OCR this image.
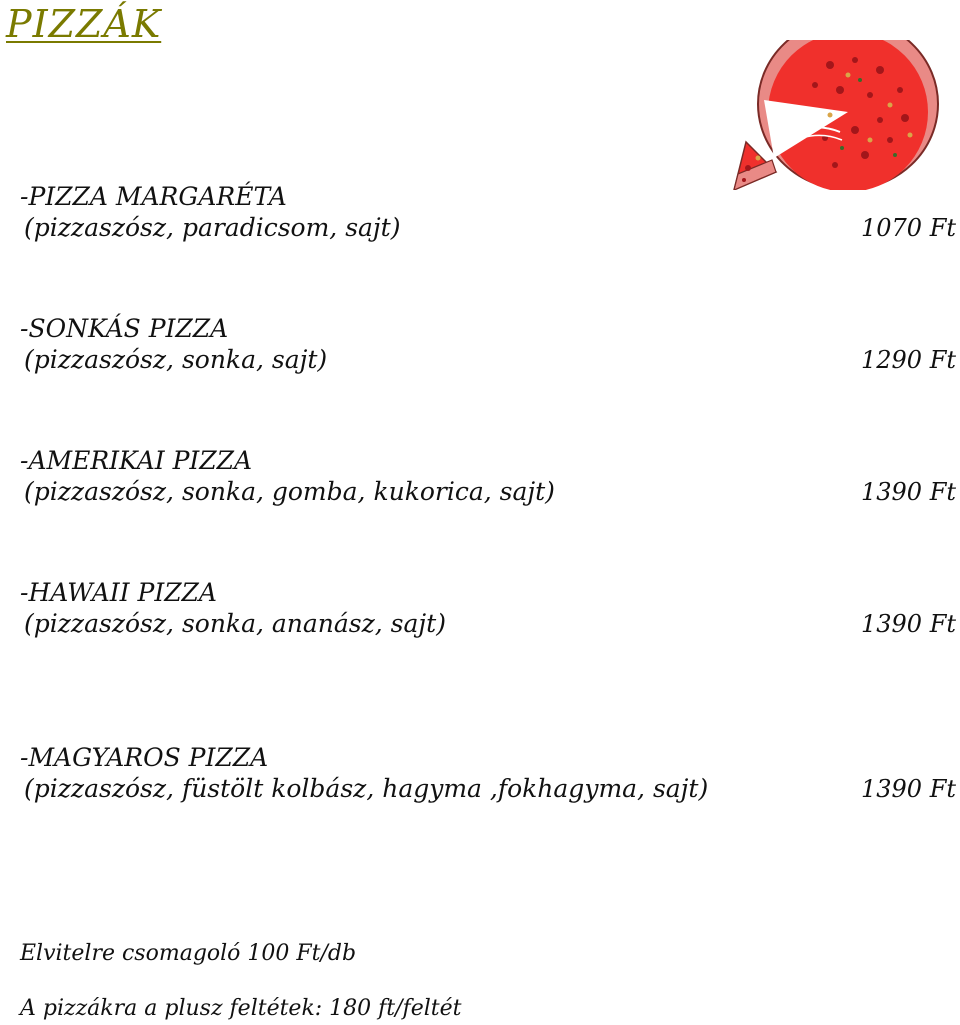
PIZZÁK
-PIZZA MARGARÉTA
(pizzaszósz, paradicsom, sajt)	1070 Ft
-SONKÁS PIZZA
(pizzaszósz, sonka, sajt)	1290 Ft
-AMERIKAI PIZZA
(pizzaszósz, sonka, gomba, kukorica, sajt)	1390 Ft
-HAWAII PIZZA
(pizzaszósz, sonka, ananász, sajt)	1390 Ft
-MAGYAROS PIZZA
(pizzaszósz, füstölt kolbász, hagyma ,fokhagyma, sajt)	1390 Ft
Elvitelre csomagoló 100 Ft/db
A pizzákra a plusz feltétek: 180 ft/feltét
